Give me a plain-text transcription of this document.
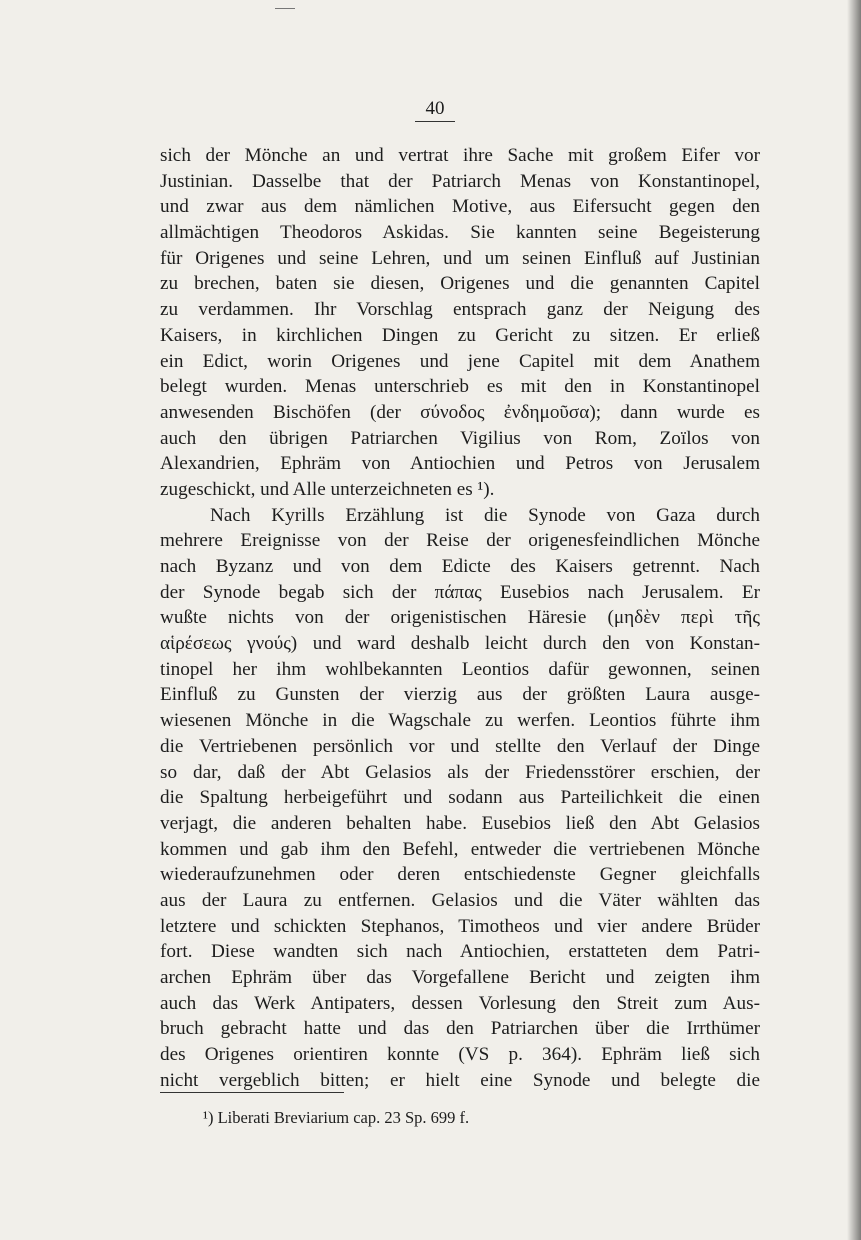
40
sich der Mönche an und vertrat ihre Sache mit großem Eifer vor
Justinian. Dasselbe that der Patriarch Menas von Konstantinopel,
und zwar aus dem nämlichen Motive, aus Eifersucht gegen den
allmächtigen Theodoros Askidas. Sie kannten seine Begeisterung
für Origenes und seine Lehren, und um seinen Einfluß auf Justinian
zu brechen, baten sie diesen, Origenes und die genannten Capitel
zu verdammen. Ihr Vorschlag entsprach ganz der Neigung des
Kaisers, in kirchlichen Dingen zu Gericht zu sitzen. Er erließ
ein Edict, worin Origenes und jene Capitel mit dem Anathem
belegt wurden. Menas unterschrieb es mit den in Konstantinopel
anwesenden Bischöfen (der σύνοδος ἐνδημοῦσα); dann wurde es
auch den übrigen Patriarchen Vigilius von Rom, Zoïlos von
Alexandrien, Ephräm von Antiochien und Petros von Jerusalem
zugeschickt, und Alle unterzeichneten es ¹).
Nach Kyrills Erzählung ist die Synode von Gaza durch
mehrere Ereignisse von der Reise der origenesfeindlichen Mönche
nach Byzanz und von dem Edicte des Kaisers getrennt. Nach
der Synode begab sich der πάπας Eusebios nach Jerusalem. Er
wußte nichts von der origenistischen Häresie (μηδὲν περὶ τῆς
αἱρέσεως γνούς) und ward deshalb leicht durch den von Konstan-
tinopel her ihm wohlbekannten Leontios dafür gewonnen, seinen
Einfluß zu Gunsten der vierzig aus der größten Laura ausge-
wiesenen Mönche in die Wagschale zu werfen. Leontios führte ihm
die Vertriebenen persönlich vor und stellte den Verlauf der Dinge
so dar, daß der Abt Gelasios als der Friedensstörer erschien, der
die Spaltung herbeigeführt und sodann aus Parteilichkeit die einen
verjagt, die anderen behalten habe. Eusebios ließ den Abt Gelasios
kommen und gab ihm den Befehl, entweder die vertriebenen Mönche
wiederaufzunehmen oder deren entschiedenste Gegner gleichfalls
aus der Laura zu entfernen. Gelasios und die Väter wählten das
letztere und schickten Stephanos, Timotheos und vier andere Brüder
fort. Diese wandten sich nach Antiochien, erstatteten dem Patri-
archen Ephräm über das Vorgefallene Bericht und zeigten ihm
auch das Werk Antipaters, dessen Vorlesung den Streit zum Aus-
bruch gebracht hatte und das den Patriarchen über die Irrthümer
des Origenes orientiren konnte (VS p. 364). Ephräm ließ sich
nicht vergeblich bitten; er hielt eine Synode und belegte die
¹) Liberati Breviarium cap. 23 Sp. 699 f.
